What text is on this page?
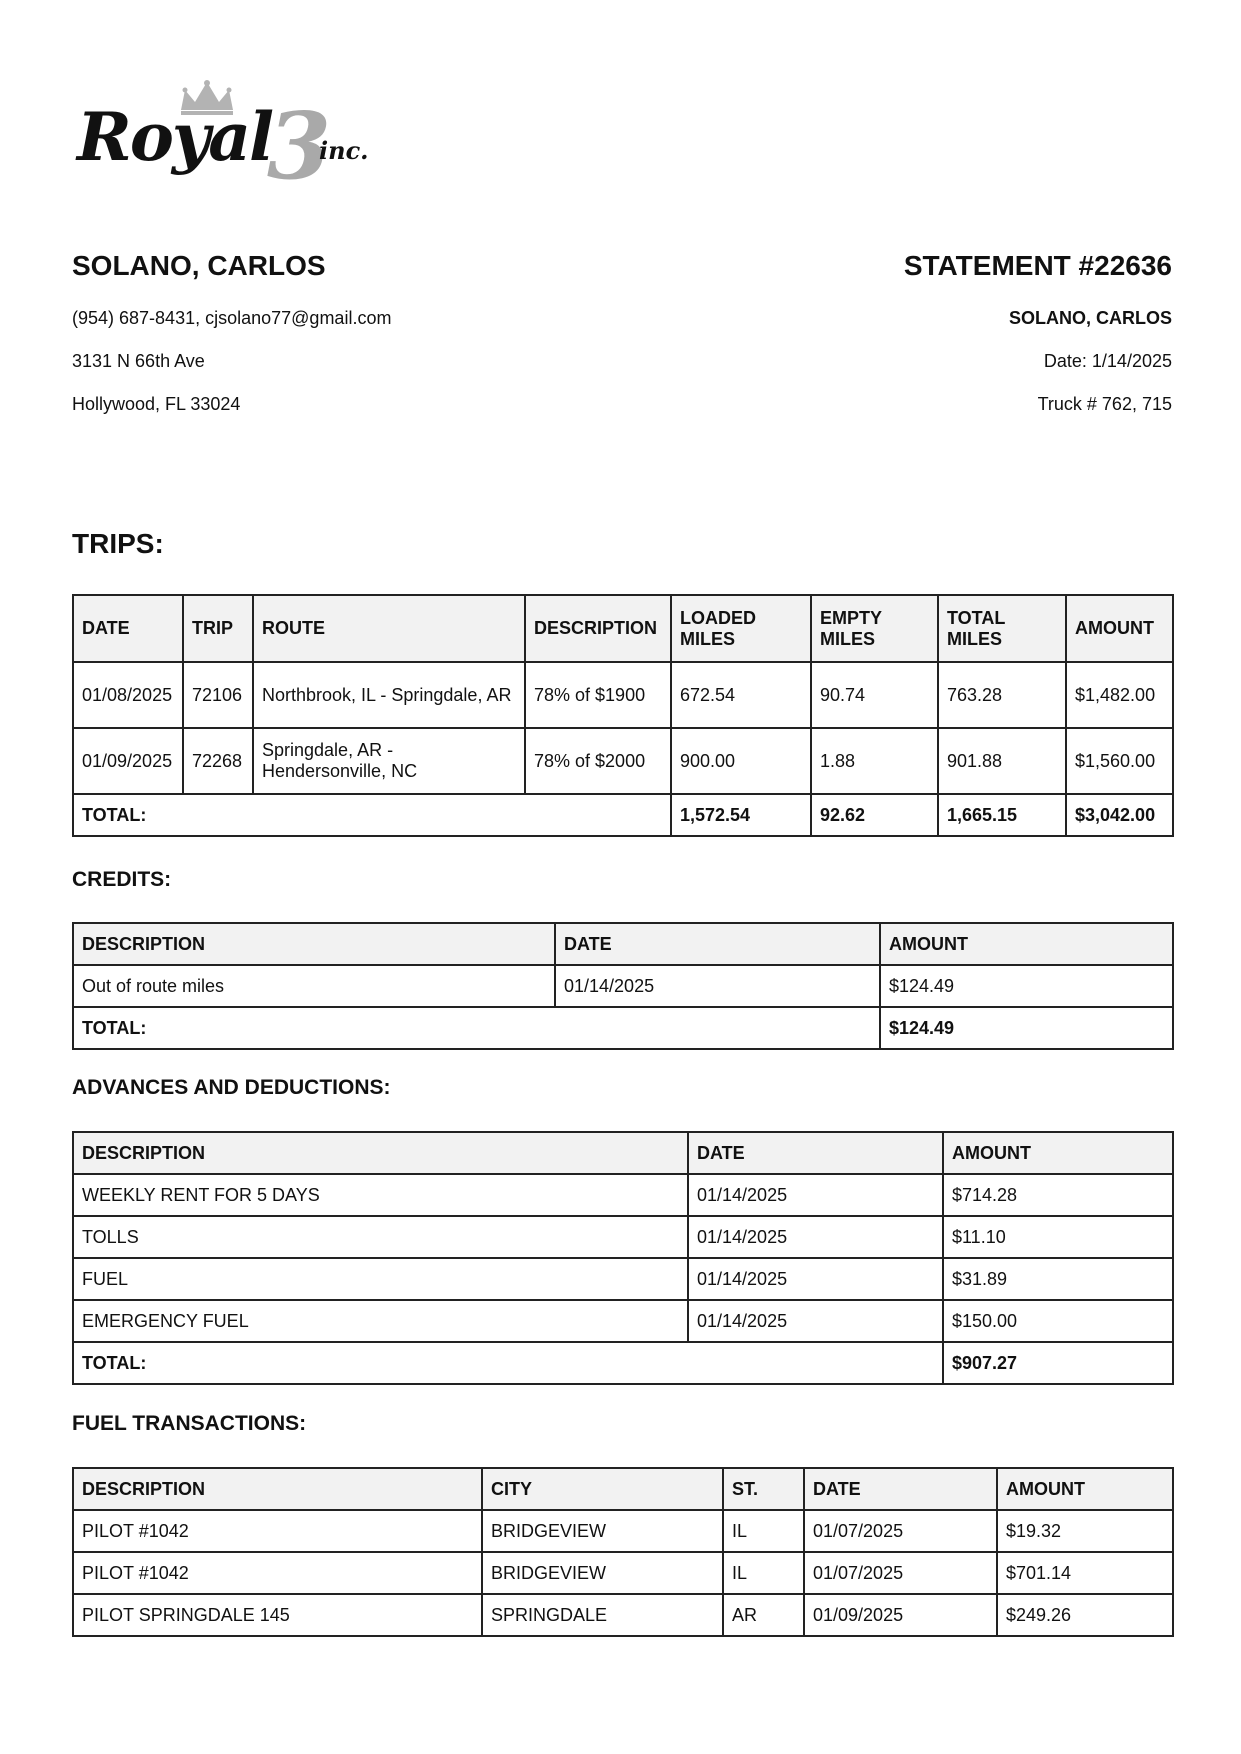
3
Royal inc.
SOLANO, CARLOS
(954) 687-8431, cjsolano77@gmail.com
3131 N 66th Ave
Hollywood, FL 33024
STATEMENT #22636
SOLANO, CARLOS
Date: 1/14/2025
Truck # 762, 715
TRIPS:
DATE	TRIP	ROUTE	DESCRIPTION	LOADED MILES	EMPTY MILES	TOTAL MILES	AMOUNT
01/08/2025	72106	Northbrook, IL - Springdale, AR	78% of $1900	672.54	90.74	763.28	$1,482.00
01/09/2025	72268	Springdale, AR - Hendersonville, NC	78% of $2000	900.00	1.88	901.88	$1,560.00
TOTAL:				1,572.54	92.62	1,665.15	$3,042.00
CREDITS:
DESCRIPTION	DATE	AMOUNT
Out of route miles	01/14/2025	$124.49
TOTAL:		$124.49
ADVANCES AND DEDUCTIONS:
DESCRIPTION	DATE	AMOUNT
WEEKLY RENT FOR 5 DAYS	01/14/2025	$714.28
TOLLS	01/14/2025	$11.10
FUEL	01/14/2025	$31.89
EMERGENCY FUEL	01/14/2025	$150.00
TOTAL:		$907.27
FUEL TRANSACTIONS:
DESCRIPTION	CITY	ST.	DATE	AMOUNT
PILOT #1042	BRIDGEVIEW	IL	01/07/2025	$19.32
PILOT #1042	BRIDGEVIEW	IL	01/07/2025	$701.14
PILOT SPRINGDALE 145	SPRINGDALE	AR	01/09/2025	$249.26
